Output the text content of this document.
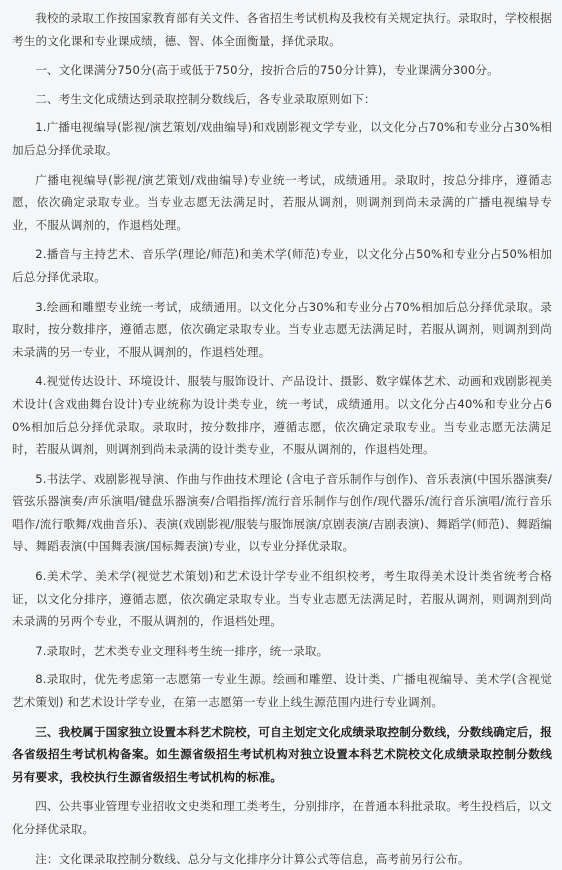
我校的录取工作按国家教育部有关文件、各省招生考试机构及我校有关规定执行。录取时，学校根据考生的文化课和专业课成绩，德、智、体全面衡量，择优录取。

一、文化课满分750分(高于或低于750分，按折合后的750分计算)，专业课满分300分。

二、考生文化成绩达到录取控制分数线后，各专业录取原则如下：

1.广播电视编导(影视/演艺策划/戏曲编导)和戏剧影视文学专业，以文化分占70%和专业分占30%相加后总分择优录取。

广播电视编导(影视/演艺策划/戏曲编导)专业统一考试，成绩通用。录取时，按总分排序，遵循志愿，依次确定录取专业。当专业志愿无法满足时，若服从调剂，则调剂到尚未录满的广播电视编导专业，不服从调剂的，作退档处理。

2.播音与主持艺术、音乐学(理论/师范)和美术学(师范)专业，以文化分占50%和专业分占50%相加后总分择优录取。

3.绘画和雕塑专业统一考试，成绩通用。以文化分占30%和专业分占70%相加后总分择优录取。录取时，按分数排序，遵循志愿，依次确定录取专业。当专业志愿无法满足时，若服从调剂，则调剂到尚未录满的另一专业，不服从调剂的，作退档处理。

4.视觉传达设计、环境设计、服装与服饰设计、产品设计、摄影、数字媒体艺术、动画和戏剧影视美术设计(含戏曲舞台设计)专业统称为设计类专业，统一考试，成绩通用。以文化分占40%和专业分占60%相加后总分择优录取。录取时，按分数排序，遵循志愿，依次确定录取专业。当专业志愿无法满足时，若服从调剂，则调剂到尚未录满的设计类专业，不服从调剂的，作退档处理。

5.书法学、戏剧影视导演、作曲与作曲技术理论 (含电子音乐制作与创作)、音乐表演(中国乐器演奏/管弦乐器演奏/声乐演唱/键盘乐器演奏/合唱指挥/流行音乐制作与创作/现代器乐/流行音乐演唱/流行音乐唱作/流行歌舞/戏曲音乐)、表演(戏剧影视/服装与服饰展演/京剧表演/吉剧表演)、舞蹈学(师范)、舞蹈编导、舞蹈表演(中国舞表演/国标舞表演)专业，以专业分择优录取。

6.美术学、美术学(视觉艺术策划)和艺术设计学专业不组织校考，考生取得美术设计类省统考合格证，以文化分排序，遵循志愿，依次确定录取专业。当专业志愿无法满足时，若服从调剂，则调剂到尚未录满的另两个专业，不服从调剂的，作退档处理。

7.录取时，艺术类专业文理科考生统一排序，统一录取。

8.录取时，优先考虑第一志愿第一专业生源。绘画和雕塑、设计类、广播电视编导、美术学(含视觉艺术策划) 和艺术设计学专业，在第一志愿第一专业上线生源范围内进行专业调剂。

三、我校属于国家独立设置本科艺术院校，可自主划定文化成绩录取控制分数线，分数线确定后，报各省级招生考试机构备案。如生源省级招生考试机构对独立设置本科艺术院校文化成绩录取控制分数线另有要求，我校执行生源省级招生考试机构的标准。

四、公共事业管理专业招收文史类和理工类考生，分别排序，在普通本科批录取。考生投档后，以文化分择优录取。

注：文化课录取控制分数线、总分与文化排序分计算公式等信息，高考前另行公布。
